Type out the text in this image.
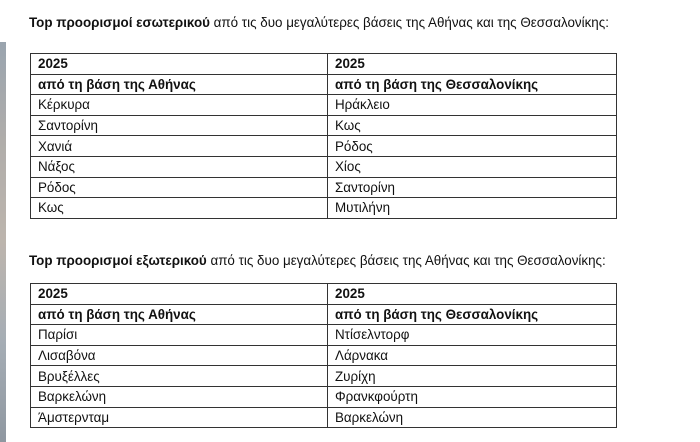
Top προορισμοί εσωτερικού από τις δυο μεγαλύτερες βάσεις της Αθήνας και της Θεσσαλονίκης:
2025	2025
από τη βάση της Αθήνας	από τη βάση της Θεσσαλονίκης
Κέρκυρα	Ηράκλειο
Σαντορίνη	Κως
Χανιά	Ρόδος
Νάξος	Χίος
Ρόδος	Σαντορίνη
Κως	Μυτιλήνη
Top προορισμοί εξωτερικού από τις δυο μεγαλύτερες βάσεις της Αθήνας και της Θεσσαλονίκης:
2025	2025
από τη βάση της Αθήνας	από τη βάση της Θεσσαλονίκης
Παρίσι	Ντίσελντορφ
Λισαβόνα	Λάρνακα
Βρυξέλλες	Ζυρίχη
Βαρκελώνη	Φρανκφούρτη
Άμστερνταμ	Βαρκελώνη
